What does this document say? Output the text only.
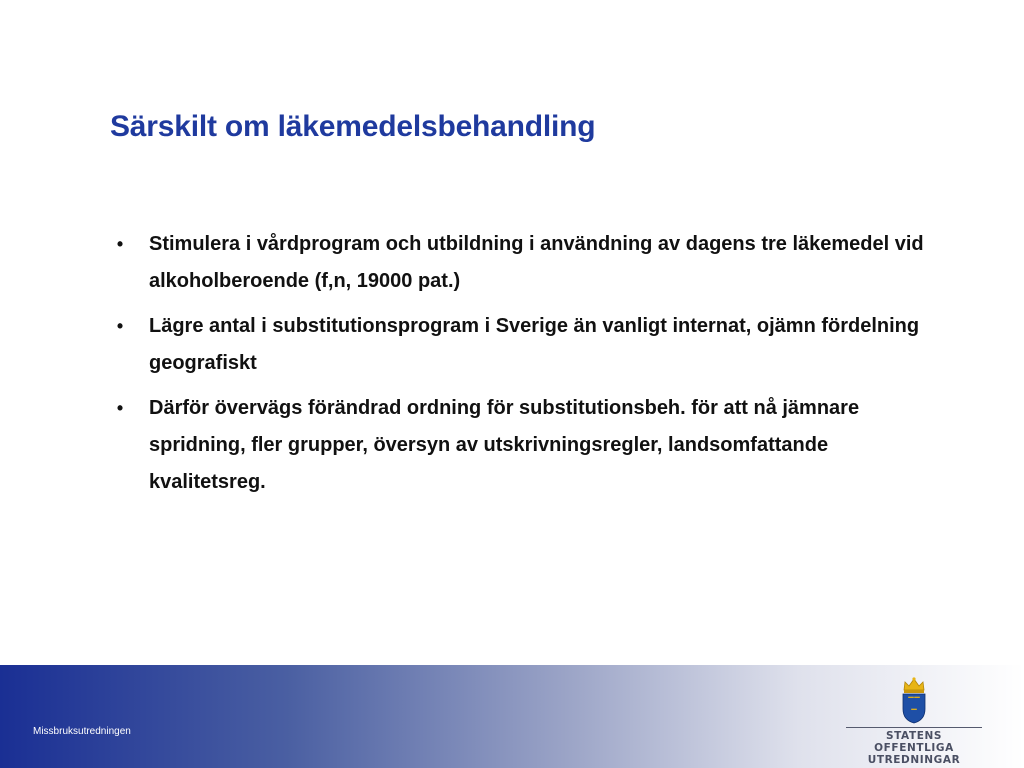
Särskilt om läkemedelsbehandling
•	Stimulera i vårdprogram och utbildning i användning av dagens tre läkemedel vid alkoholberoende (f,n, 19000 pat.)
•	Lägre antal i substitutionsprogram i Sverige än vanligt internat, ojämn fördelning geografiskt
•	Därför övervägs förändrad ordning för substitutionsbeh. för att nå jämnare spridning, fler grupper, översyn av utskrivningsregler, landsomfattande kvalitetsreg.
Missbruksutredningen	STATENS OFFENTLIGA
UTREDNINGAR
